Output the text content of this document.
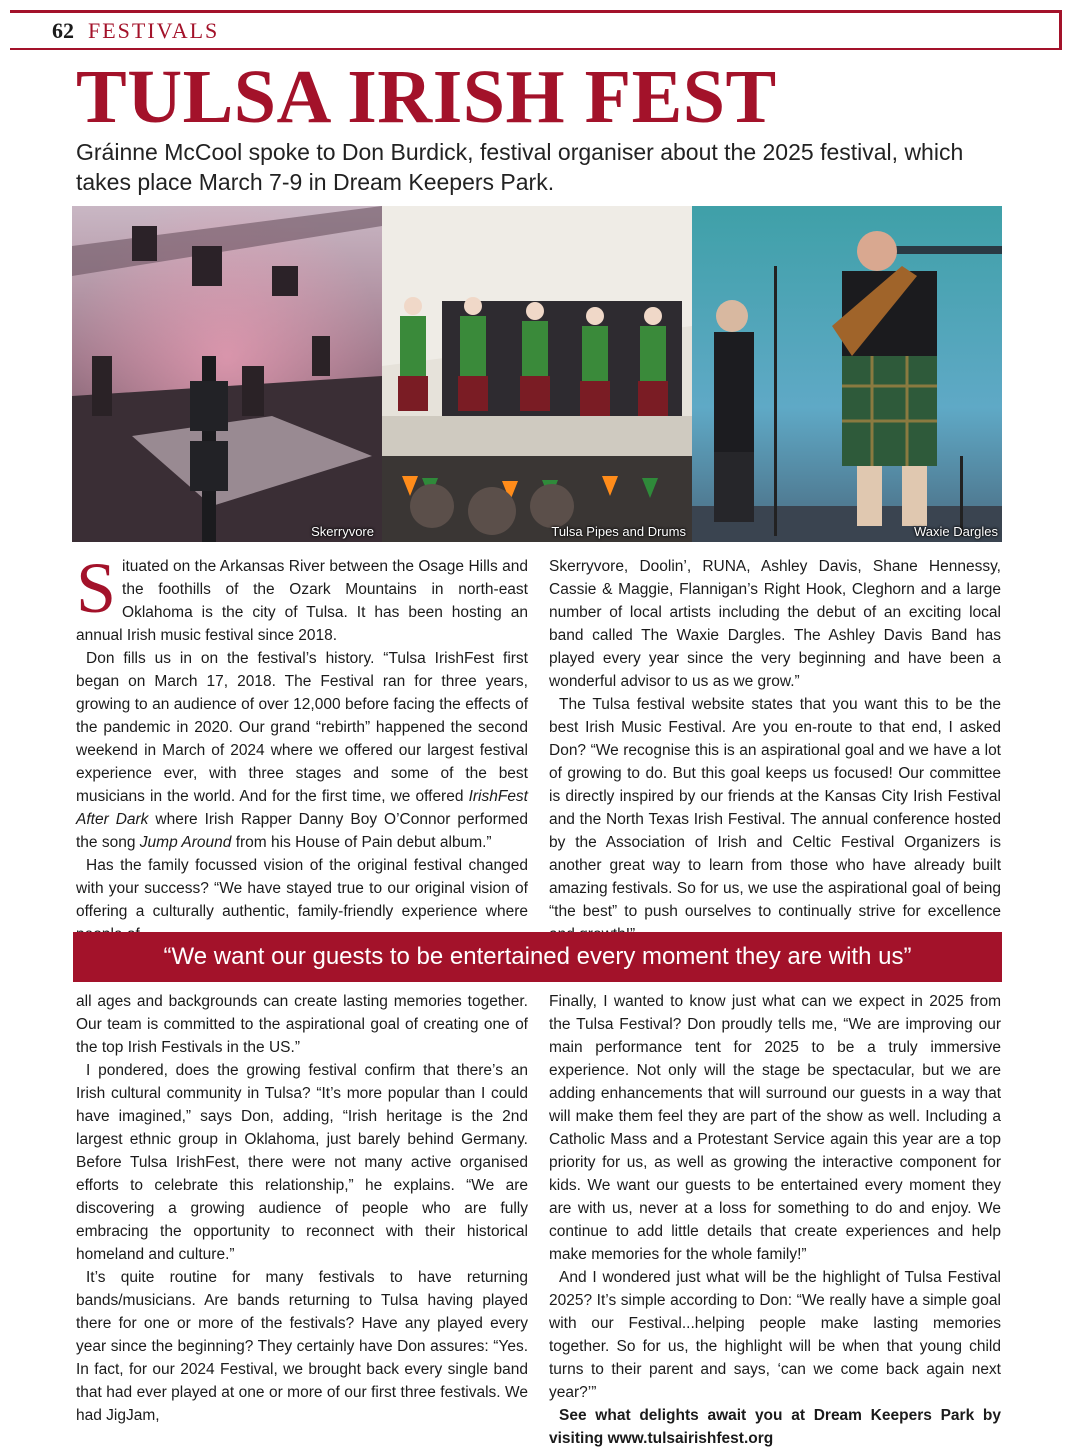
62 FESTIVALS
TULSA IRISH FEST
Gráinne McCool spoke to Don Burdick, festival organiser about the 2025 festival, which takes place March 7-9 in Dream Keepers Park.
Skerryvore	Tulsa Pipes and Drums	Waxie Dargles

Situated on the Arkansas River between the Osage Hills and the foothills of the Ozark Mountains in north-east Oklahoma is the city of Tulsa. It has been hosting an annual Irish music festival since 2018.

Don fills us in on the festival’s history. “Tulsa IrishFest first began on March 17, 2018. The Festival ran for three years, growing to an audience of over 12,000 before facing the effects of the pandemic in 2020. Our grand “rebirth” happened the second weekend in March of 2024 where we offered our largest festival experience ever, with three stages and some of the best musicians in the world. And for the first time, we offered IrishFest After Dark where Irish Rapper Danny Boy O’Connor performed the song Jump Around from his House of Pain debut album.”

Has the family focussed vision of the original festival changed with your success? “We have stayed true to our original vision of offering a culturally authentic, family-friendly experience where

Skerryvore, Doolin’, RUNA, Ashley Davis, Shane Hennessy, Cassie & Maggie, Flannigan’s Right Hook, Cleghorn and a large number of local artists including the debut of an exciting local band called The Waxie Dargles. The Ashley Davis Band has played every year since the very beginning and have been a wonderful advisor to us as we grow.”

The Tulsa festival website states that you want this to be the best Irish Music Festival. Are you en-route to that end, I asked Don? “We recognise this is an aspirational goal and we have a lot of growing to do. But this goal keeps us focused! Our committee is directly inspired by our friends at the Kansas City Irish Festival and the North Texas Irish Festival. The annual conference hosted by the Association of Irish and Celtic Festival Organizers is another great way to learn from those who have already built amazing festivals. So for us, we use the aspirational goal of being “the best” to push ourselves to continually strive for excellence

“We want our guests to be entertained every moment they are with us”

all ages and backgrounds can create lasting memories together. Our team is committed to the aspirational goal of creating one of the top Irish Festivals in the US.”

I pondered, does the growing festival confirm that there’s an Irish cultural community in Tulsa? “It’s more popular than I could have imagined,” says Don, adding, “Irish heritage is the 2nd largest ethnic group in Oklahoma, just barely behind Germany. Before Tulsa IrishFest, there were not many active organised efforts to celebrate this relationship,” he explains. “We are discovering a growing audience of people who are fully embracing the opportunity to reconnect with their historical homeland and culture.”

It’s quite routine for many festivals to have returning bands/musicians. Are bands returning to Tulsa having played there for one or more of the festivals? Have any played every year since the beginning? They certainly have Don assures: “Yes. In fact, for our 2024 Festival, we brought back every single band that had ever played at one or more of our first three festivals. We had JigJam,

Finally, I wanted to know just what can we expect in 2025 from the Tulsa Festival? Don proudly tells me, “We are improving our main performance tent for 2025 to be a truly immersive experience. Not only will the stage be spectacular, but we are adding enhancements that will surround our guests in a way that will make them feel they are part of the show as well. Including a Catholic Mass and a Protestant Service again this year are a top priority for us, as well as growing the interactive component for kids. We want our guests to be entertained every moment they are with us, never at a loss for something to do and enjoy. We continue to add little details that create experiences and help make memories for the whole family!”

And I wondered just what will be the highlight of Tulsa Festival 2025? It’s simple according to Don: “We really have a simple goal with our Festival...helping people make lasting memories together. So for us, the highlight will be when that young child turns to their parent and says, ‘can we come back again next year?’”

See what delights await you at Dream Keepers Park by visiting www.tulsairishfest.org
